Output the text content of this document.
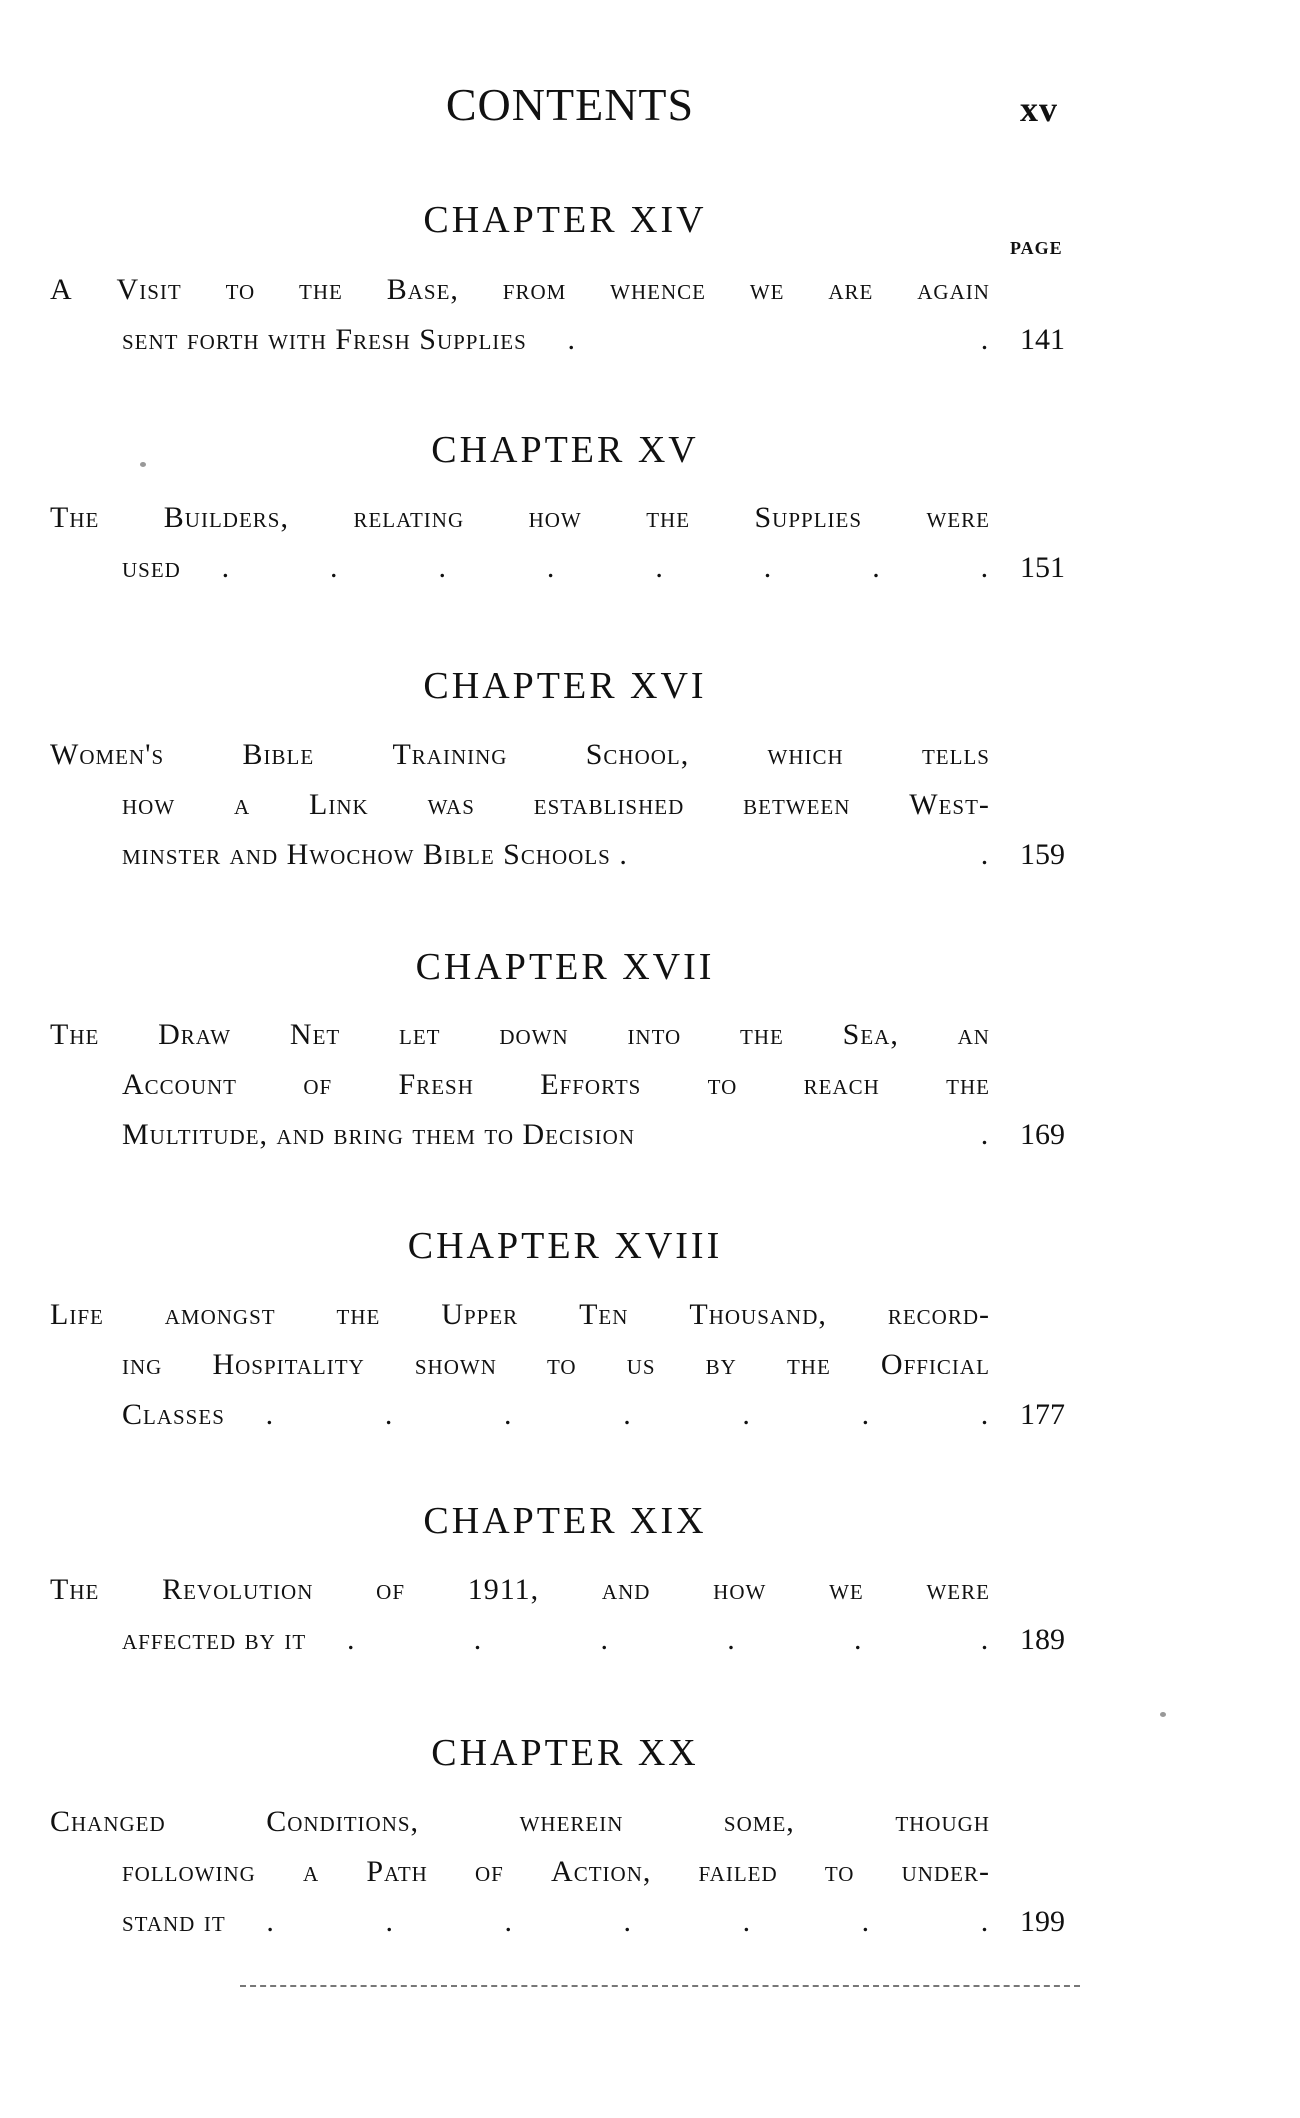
CONTENTS	xv
PAGE
CHAPTER XIV
A Visit to the Base, from whence we are again
sent forth with Fresh Supplies .	. 141
CHAPTER XV
The Builders, relating how the Supplies were
used .	.	.	.	.	.	.	. 151
CHAPTER XVI
Women's	Bible	Training	School,	which	tells
how a Link was established between West-
minster and Hwochow Bible Schools .	. 159
CHAPTER XVII
The Draw Net let down into the Sea, an
Account of Fresh Efforts to reach the
Multitude, and bring them to Decision	. 169
CHAPTER XVIII
Life amongst the Upper Ten Thousand, record-
ing Hospitality shown to us by the Official
Classes .	.	.	.	.	.	. 177
CHAPTER XIX
The Revolution of 1911, and how we were
affected by it .	.	.	.	.	. 189
CHAPTER XX
Changed	Conditions,	wherein	some,	though
following a Path of Action, failed to under-
stand it .	.	.	.	.	.	. 199
